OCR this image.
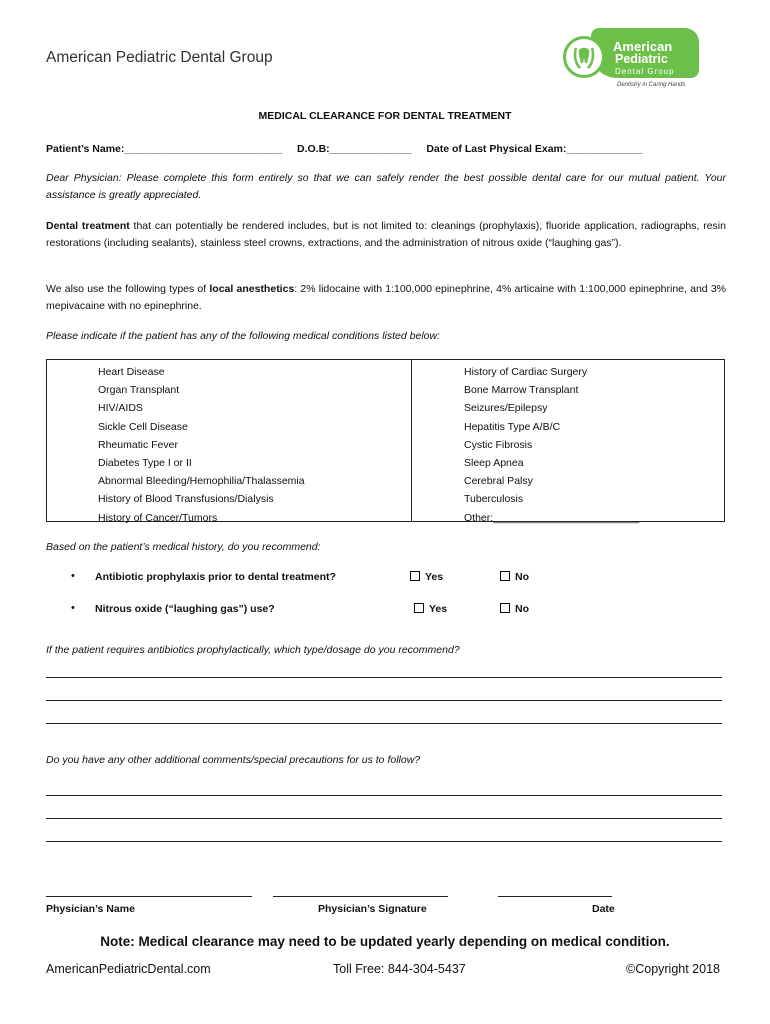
American Pediatric Dental Group
American
Pediatric
Dental Group
Dentistry in Caring Hands
MEDICAL CLEARANCE FOR DENTAL TREATMENT
Patient’s Name:___________________________ D.O.B:______________ Date of Last Physical Exam:_____________
Dear Physician: Please complete this form entirely so that we can safely render the best possible dental care for our mutual patient. Your assistance is greatly appreciated.
Dental treatment that can potentially be rendered includes, but is not limited to: cleanings (prophylaxis), fluoride application, radiographs, resin restorations (including sealants), stainless steel crowns, extractions, and the administration of nitrous oxide (“laughing gas”).
We also use the following types of local anesthetics: 2% lidocaine with 1:100,000 epinephrine, 4% articaine with 1:100,000 epinephrine, and 3% mepivacaine with no epinephrine.
Please indicate if the patient has any of the following medical conditions listed below:
Heart Disease
Organ Transplant
HIV/AIDS
Sickle Cell Disease
Rheumatic Fever
Diabetes Type I or II
Abnormal Bleeding/Hemophilia/Thalassemia
History of Blood Transfusions/Dialysis
History of Cancer/Tumors
History of Cardiac Surgery
Bone Marrow Transplant
Seizures/Epilepsy
Hepatitis Type A/B/C
Cystic Fibrosis
Sleep Apnea
Cerebral Palsy
Tuberculosis
Other:_________________________
Based on the patient’s medical history, do you recommend:
• Antibiotic prophylaxis prior to dental treatment?	Yes	No
• Nitrous oxide (“laughing gas”) use?	Yes	No
If the patient requires antibiotics prophylactically, which type/dosage do you recommend?
Do you have any other additional comments/special precautions for us to follow?
Physician’s Name	Physician’s Signature	Date
Note: Medical clearance may need to be updated yearly depending on medical condition.
AmericanPediatricDental.com	Toll Free: 844-304-5437	©Copyright 2018
